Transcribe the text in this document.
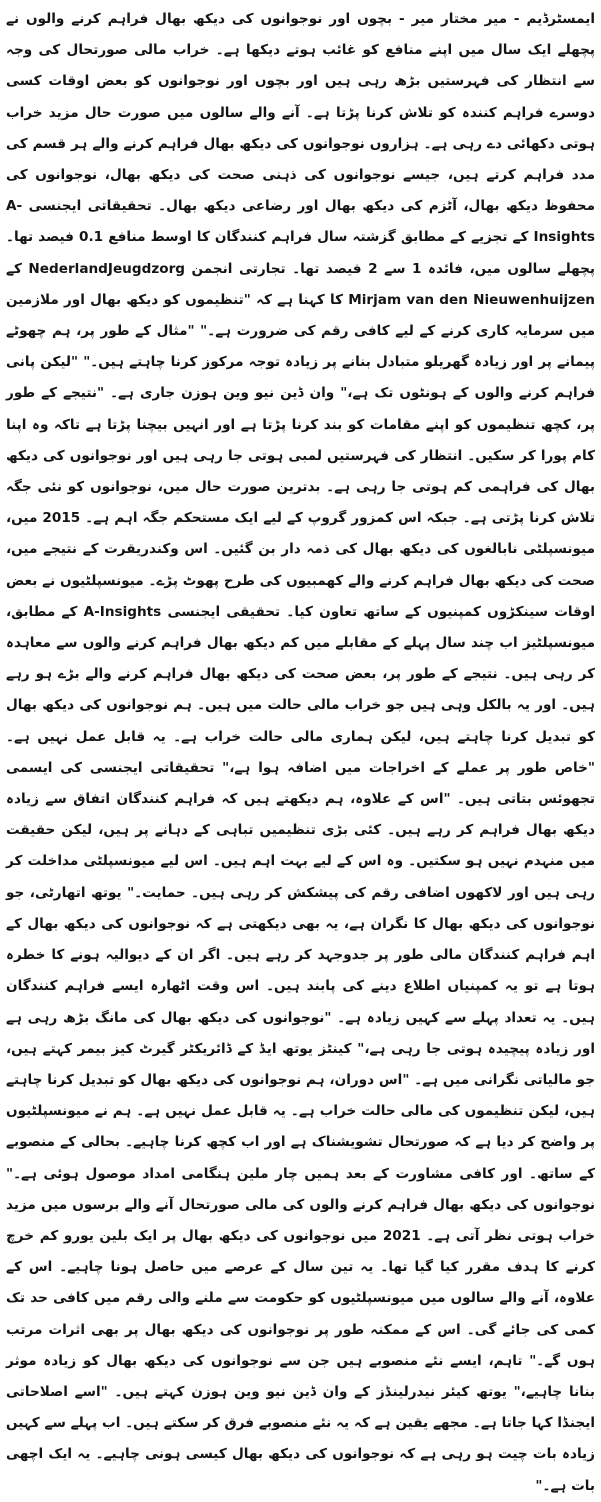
ایمسٹرڈیم - میر مختار میر - بچوں اور نوجوانوں کی دیکھ بھال فراہم کرنے والوں نے پچھلے ایک سال میں اپنے منافع کو غائب ہوتے دیکھا ہے۔ خراب مالی صورتحال کی وجہ سے انتظار کی فہرستیں بڑھ رہی ہیں اور بچوں اور نوجوانوں کو بعض اوقات کسی دوسرے فراہم کنندہ کو تلاش کرنا پڑتا ہے۔ آنے والے سالوں میں صورت حال مزید خراب ہوتی دکھائی دے رہی ہے۔ ہزاروں نوجوانوں کی دیکھ بھال فراہم کرنے والے ہر قسم کی مدد فراہم کرتے ہیں، جیسے نوجوانوں کی ذہنی صحت کی دیکھ بھال، نوجوانوں کی محفوظ دیکھ بھال، آٹزم کی دیکھ بھال اور رضاعی دیکھ بھال۔ تحقیقاتی ایجنسی A-Insights کے تجزیے کے مطابق گزشتہ سال فراہم کنندگان کا اوسط منافع 0.1 فیصد تھا۔ پچھلے سالوں میں، فائدہ 1 سے 2 فیصد تھا۔ تجارتی انجمن NederlandJeugdzorg کے Mirjam van den Nieuwenhuijzen کا کہنا ہے کہ "تنظیموں کو دیکھ بھال اور ملازمین میں سرمایہ کاری کرنے کے لیے کافی رقم کی ضرورت ہے۔" "مثال کے طور پر، ہم چھوٹے پیمانے پر اور زیادہ گھریلو متبادل بنانے پر زیادہ توجہ مرکوز کرنا چاہتے ہیں۔" "لیکن پانی فراہم کرنے والوں کے ہونٹوں تک ہے،" وان ڈین نیو وین ہوزن جاری ہے۔ "نتیجے کے طور پر، کچھ تنظیموں کو اپنے مقامات کو بند کرنا پڑتا ہے اور انہیں بیچنا پڑتا ہے تاکہ وہ اپنا کام پورا کر سکیں۔ انتظار کی فہرستیں لمبی ہوتی جا رہی ہیں اور نوجوانوں کی دیکھ بھال کی فراہمی کم ہوتی جا رہی ہے۔ بدترین صورت حال میں، نوجوانوں کو نئی جگہ تلاش کرنا پڑتی ہے۔ جبکہ اس کمزور گروپ کے لیے ایک مستحکم جگہ اہم ہے۔ 2015 میں، میونسپلٹی نابالغوں کی دیکھ بھال کی ذمہ دار بن گئیں۔ اس وکندریقرت کے نتیجے میں، صحت کی دیکھ بھال فراہم کرنے والے کھمبیوں کی طرح پھوٹ پڑے۔ میونسپلٹیوں نے بعض اوقات سینکڑوں کمپنیوں کے ساتھ تعاون کیا۔ تحقیقی ایجنسی A-Insights کے مطابق، میونسپلٹیز اب چند سال پہلے کے مقابلے میں کم دیکھ بھال فراہم کرنے والوں سے معاہدہ کر رہی ہیں۔ نتیجے کے طور پر، بعض صحت کی دیکھ بھال فراہم کرنے والے بڑے ہو رہے ہیں۔ اور یہ بالکل وہی ہیں جو خراب مالی حالت میں ہیں۔ ہم نوجوانوں کی دیکھ بھال کو تبدیل کرنا چاہتے ہیں، لیکن ہماری مالی حالت خراب ہے۔ یہ قابل عمل نہیں ہے۔ "خاص طور پر عملے کے اخراجات میں اضافہ ہوا ہے،" تحقیقاتی ایجنسی کی ایسمی تجھوئس بتاتی ہیں۔ "اس کے علاوہ، ہم دیکھتے ہیں کہ فراہم کنندگان اتفاق سے زیادہ دیکھ بھال فراہم کر رہے ہیں۔ کئی بڑی تنظیمیں تباہی کے دہانے پر ہیں، لیکن حقیقت میں منہدم نہیں ہو سکتیں۔ وہ اس کے لیے بہت اہم ہیں۔ اس لیے میونسپلٹی مداخلت کر رہی ہیں اور لاکھوں اضافی رقم کی پیشکش کر رہی ہیں۔ حمایت۔" یوتھ اتھارٹی، جو نوجوانوں کی دیکھ بھال کا نگران ہے، یہ بھی دیکھتی ہے کہ نوجوانوں کی دیکھ بھال کے اہم فراہم کنندگان مالی طور پر جدوجہد کر رہے ہیں۔ اگر ان کے دیوالیہ ہونے کا خطرہ ہوتا ہے تو یہ کمپنیاں اطلاع دینے کی پابند ہیں۔ اس وقت اٹھارہ ایسے فراہم کنندگان ہیں۔ یہ تعداد پہلے سے کہیں زیادہ ہے۔ "نوجوانوں کی دیکھ بھال کی مانگ بڑھ رہی ہے اور زیادہ پیچیدہ ہوتی جا رہی ہے،" کینٹز یوتھ ایڈ کے ڈائریکٹر گیرٹ کیز بیمر کہتے ہیں، جو مالیاتی نگرانی میں ہے۔ "اس دوران، ہم نوجوانوں کی دیکھ بھال کو تبدیل کرنا چاہتے ہیں، لیکن تنظیموں کی مالی حالت خراب ہے۔ یہ قابل عمل نہیں ہے۔ ہم نے میونسپلٹیوں پر واضح کر دیا ہے کہ صورتحال تشویشناک ہے اور اب کچھ کرنا چاہیے۔ بحالی کے منصوبے کے ساتھ۔ اور کافی مشاورت کے بعد ہمیں چار ملین ہنگامی امداد موصول ہوئی ہے۔" نوجوانوں کی دیکھ بھال فراہم کرنے والوں کی مالی صورتحال آنے والے برسوں میں مزید خراب ہوتی نظر آتی ہے۔ 2021 میں نوجوانوں کی دیکھ بھال پر ایک بلین یورو کم خرچ کرنے کا ہدف مقرر کیا گیا تھا۔ یہ تین سال کے عرصے میں حاصل ہونا چاہیے۔ اس کے علاوہ، آنے والے سالوں میں میونسپلٹیوں کو حکومت سے ملنے والی رقم میں کافی حد تک کمی کی جائے گی۔ اس کے ممکنہ طور پر نوجوانوں کی دیکھ بھال پر بھی اثرات مرتب ہوں گے۔" تاہم، ایسے نئے منصوبے ہیں جن سے نوجوانوں کی دیکھ بھال کو زیادہ موثر بنانا چاہیے،" یوتھ کیئر نیدرلینڈز کے وان ڈین نیو وین ہوزن کہتے ہیں۔ "اسے اصلاحاتی ایجنڈا کہا جاتا ہے۔ مجھے یقین ہے کہ یہ نئے منصوبے فرق کر سکتے ہیں۔ اب پہلے سے کہیں زیادہ بات چیت ہو رہی ہے کہ نوجوانوں کی دیکھ بھال کیسی ہونی چاہیے۔ یہ ایک اچھی بات ہے۔"
